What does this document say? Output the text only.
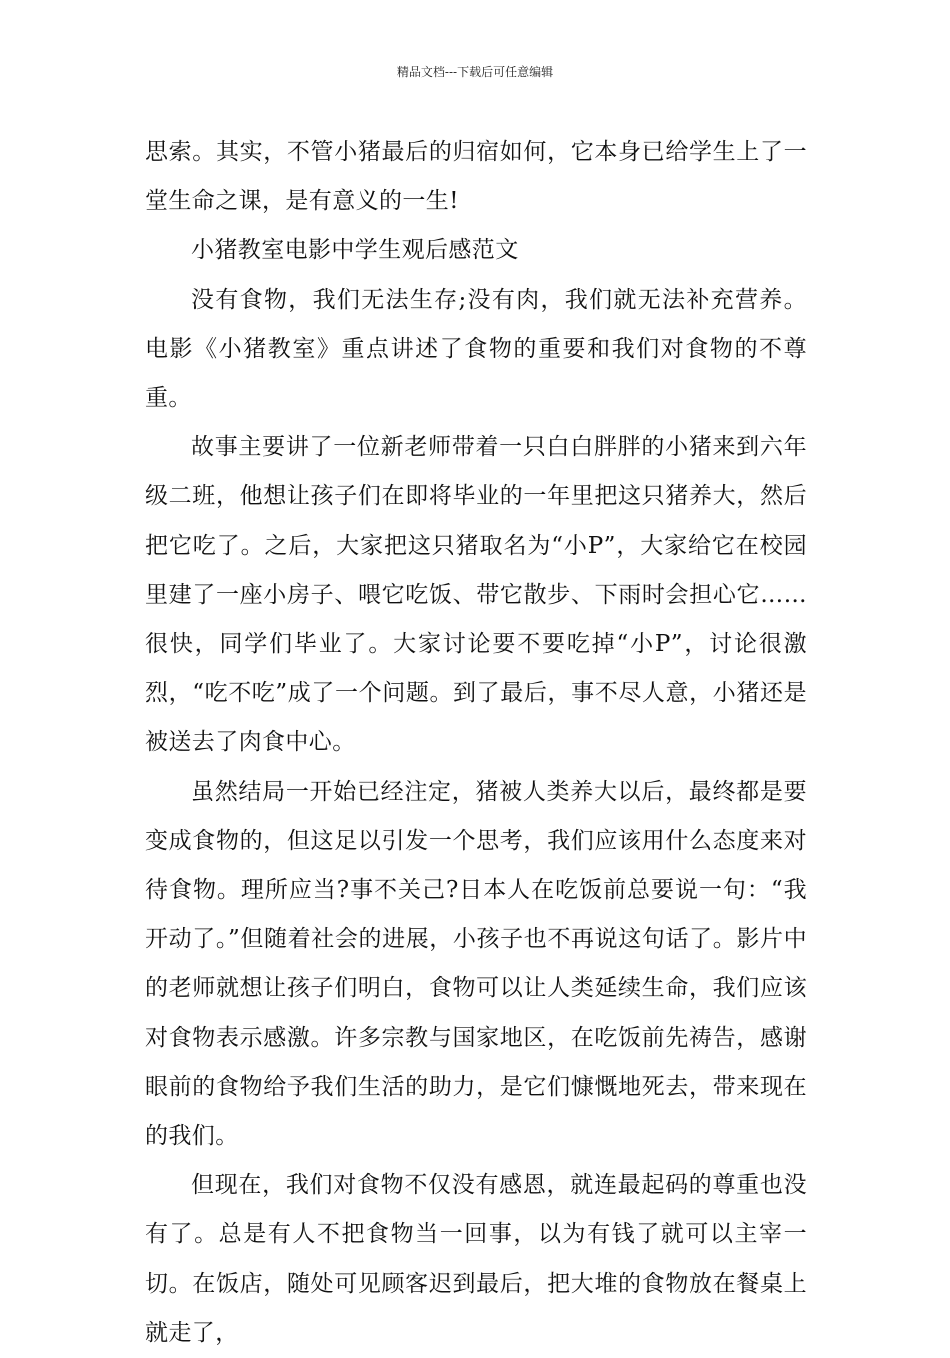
精品文档---下载后可任意编辑

思索。其实，不管小猪最后的归宿如何，它本身已给学生上了一堂生命之课，是有意义的一生!

小猪教室电影中学生观后感范文

没有食物，我们无法生存;没有肉，我们就无法补充营养。电影《小猪教室》重点讲述了食物的重要和我们对食物的不尊重。

故事主要讲了一位新老师带着一只白白胖胖的小猪来到六年级二班，他想让孩子们在即将毕业的一年里把这只猪养大，然后把它吃了。之后，大家把这只猪取名为“小P”，大家给它在校园里建了一座小房子、喂它吃饭、带它散步、下雨时会担心它……很快，同学们毕业了。大家讨论要不要吃掉“小P”，讨论很激烈，“吃不吃”成了一个问题。到了最后，事不尽人意，小猪还是被送去了肉食中心。

虽然结局一开始已经注定，猪被人类养大以后，最终都是要变成食物的，但这足以引发一个思考，我们应该用什么态度来对待食物。理所应当?事不关己?日本人在吃饭前总要说一句：“我开动了。”但随着社会的进展，小孩子也不再说这句话了。影片中的老师就想让孩子们明白，食物可以让人类延续生命，我们应该对食物表示感激。许多宗教与国家地区，在吃饭前先祷告，感谢眼前的食物给予我们生活的助力，是它们慷慨地死去，带来现在的我们。

但现在，我们对食物不仅没有感恩，就连最起码的尊重也没有了。总是有人不把食物当一回事，以为有钱了就可以主宰一切。在饭店，随处可见顾客迟到最后，把大堆的食物放在餐桌上就走了，
